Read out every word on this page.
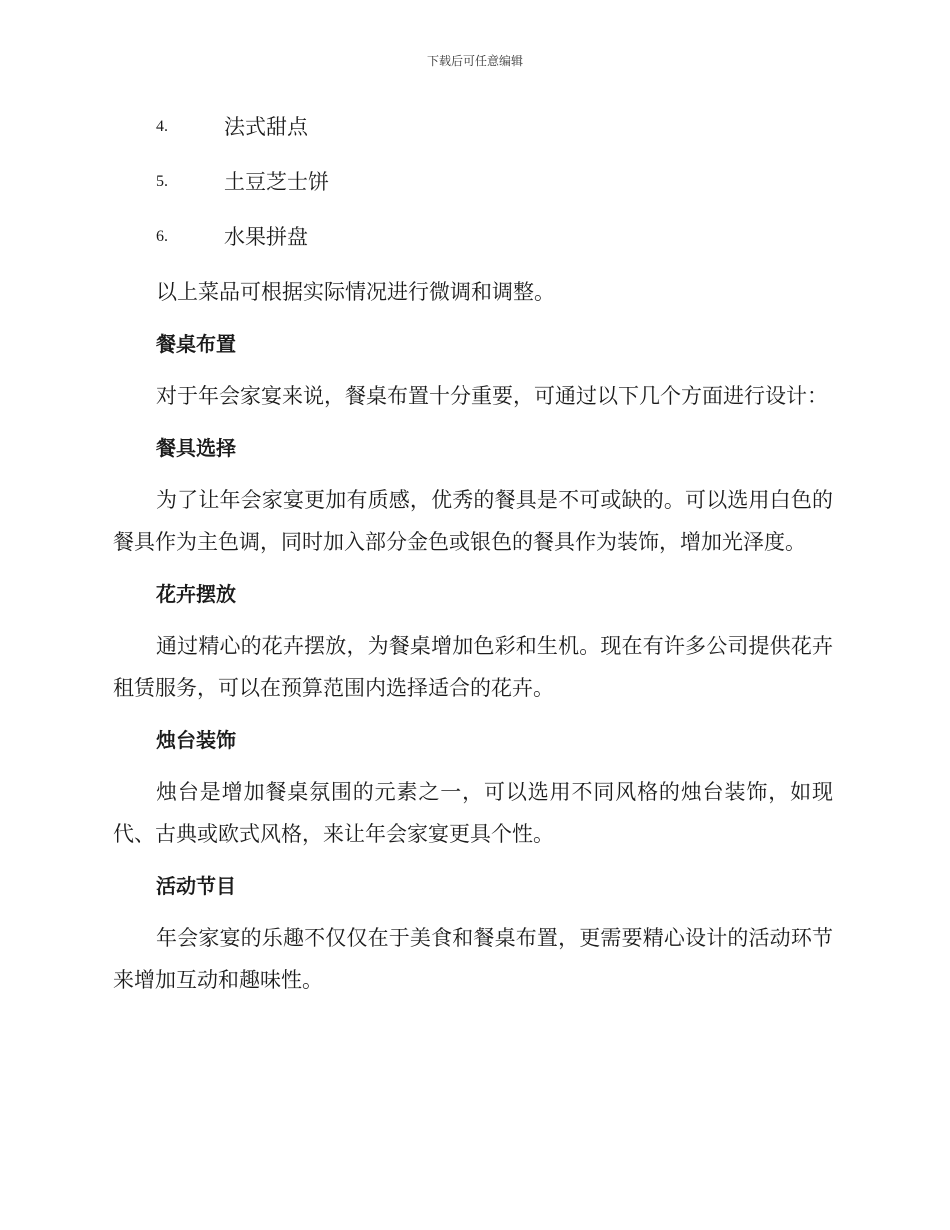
下载后可任意编辑
4.	法式甜点
5.	土豆芝士饼
6.	水果拼盘

以上菜品可根据实际情况进行微调和调整。

餐桌布置

对于年会家宴来说，餐桌布置十分重要，可通过以下几个方面进行设计：

餐具选择

为了让年会家宴更加有质感，优秀的餐具是不可或缺的。可以选用白色的餐具作为主色调，同时加入部分金色或银色的餐具作为装饰，增加光泽度。

花卉摆放

通过精心的花卉摆放，为餐桌增加色彩和生机。现在有许多公司提供花卉租赁服务，可以在预算范围内选择适合的花卉。

烛台装饰

烛台是增加餐桌氛围的元素之一，可以选用不同风格的烛台装饰，如现代、古典或欧式风格，来让年会家宴更具个性。

活动节目

年会家宴的乐趣不仅仅在于美食和餐桌布置，更需要精心设计的活动环节来增加互动和趣味性。
